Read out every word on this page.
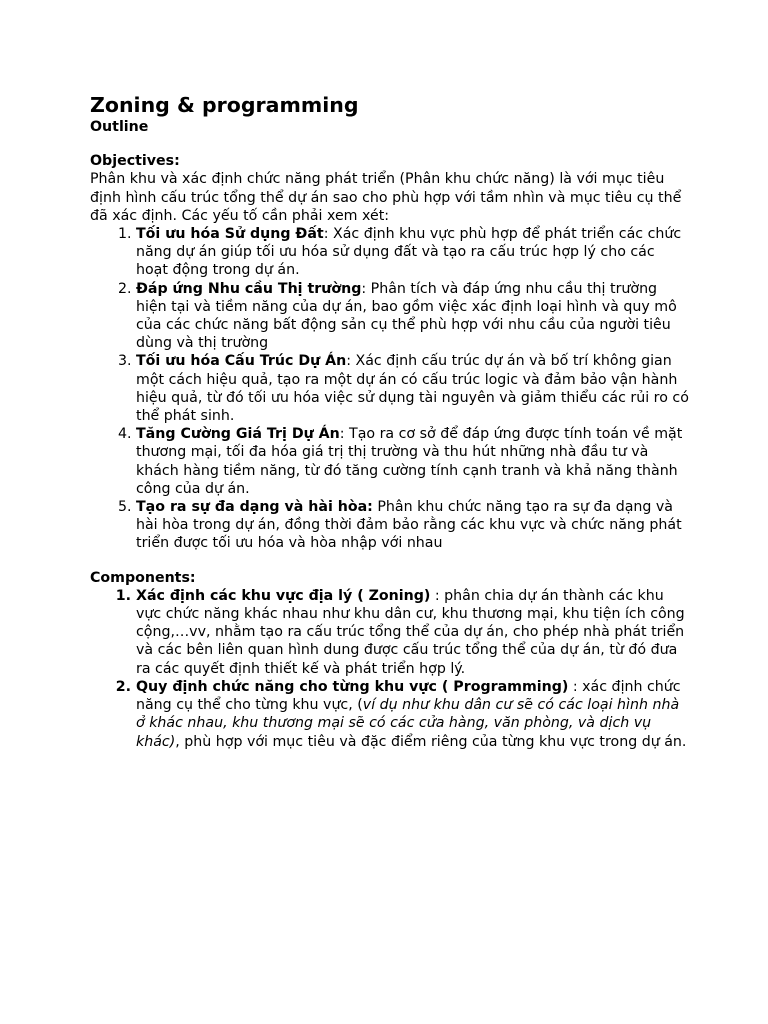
Zoning & programming

Outline

Objectives:

Phân khu và xác định chức năng phát triển (Phân khu chức năng) là với mục tiêu định hình cấu trúc tổng thể dự án sao cho phù hợp với tầm nhìn và mục tiêu cụ thể đã xác định. Các yếu tố cần phải xem xét:

1. Tối ưu hóa Sử dụng Đất: Xác định khu vực phù hợp để phát triển các chức năng dự án giúp tối ưu hóa sử dụng đất và tạo ra cấu trúc hợp lý cho các hoạt động trong dự án.
2. Đáp ứng Nhu cầu Thị trường: Phân tích và đáp ứng nhu cầu thị trường hiện tại và tiềm năng của dự án, bao gồm việc xác định loại hình và quy mô của các chức năng bất động sản cụ thể phù hợp với nhu cầu của người tiêu dùng và thị trường
3. Tối ưu hóa Cấu Trúc Dự Án: Xác định cấu trúc dự án và bố trí không gian một cách hiệu quả, tạo ra một dự án có cấu trúc logic và đảm bảo vận hành hiệu quả, từ đó tối ưu hóa việc sử dụng tài nguyên và giảm thiểu các rủi ro có thể phát sinh.
4. Tăng Cường Giá Trị Dự Án: Tạo ra cơ sở để đáp ứng được tính toán về mặt thương mại, tối đa hóa giá trị thị trường và thu hút những nhà đầu tư và khách hàng tiềm năng, từ đó tăng cường tính cạnh tranh và khả năng thành công của dự án.
5. Tạo ra sự đa dạng và hài hòa: Phân khu chức năng tạo ra sự đa dạng và hài hòa trong dự án, đồng thời đảm bảo rằng các khu vực và chức năng phát triển được tối ưu hóa và hòa nhập với nhau

Components:

1. Xác định các khu vực địa lý ( Zoning) : phân chia dự án thành các khu vực chức năng khác nhau như khu dân cư, khu thương mại, khu tiện ích công cộng,…vv, nhằm tạo ra cấu trúc tổng thể của dự án, cho phép nhà phát triển và các bên liên quan hình dung được cấu trúc tổng thể của dự án, từ đó đưa ra các quyết định thiết kế và phát triển hợp lý.
2. Quy định chức năng cho từng khu vực ( Programming) : xác định chức năng cụ thể cho từng khu vực, (ví dụ như khu dân cư sẽ có các loại hình nhà ở khác nhau, khu thương mại sẽ có các cửa hàng, văn phòng, và dịch vụ khác), phù hợp với mục tiêu và đặc điểm riêng của từng khu vực trong dự án.
